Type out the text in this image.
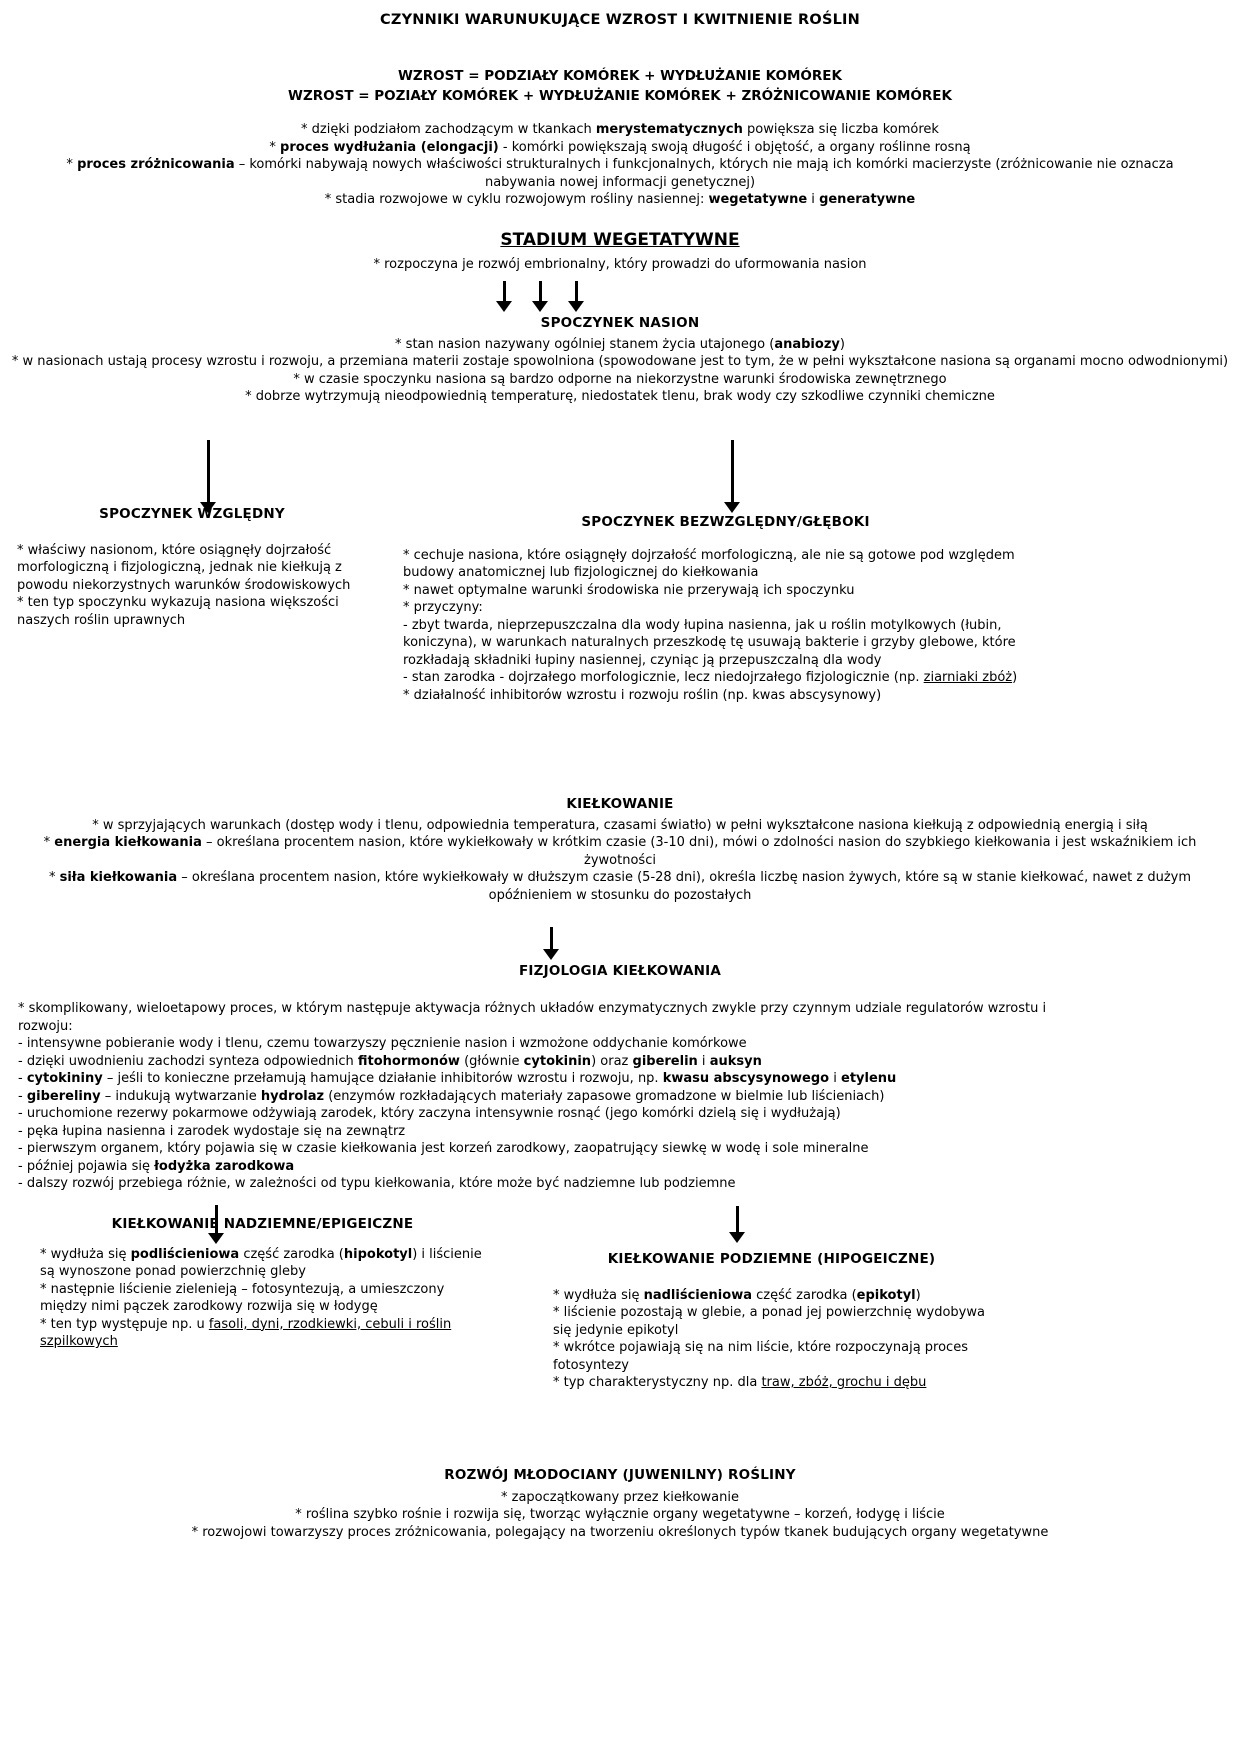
CZYNNIKI WARUNUKUJĄCE WZROST I KWITNIENIE ROŚLIN
WZROST = PODZIAŁY KOMÓREK + WYDŁUŻANIE KOMÓREK
WZROST = POZIAŁY KOMÓREK + WYDŁUŻANIE KOMÓREK + ZRÓŻNICOWANIE KOMÓREK
* dzięki podziałom zachodzącym w tkankach merystematycznych powiększa się liczba komórek
* proces wydłużania (elongacji) - komórki powiększają swoją długość i objętość, a organy roślinne rosną
* proces zróżnicowania – komórki nabywają nowych właściwości strukturalnych i funkcjonalnych, których nie mają ich komórki macierzyste (zróżnicowanie nie oznacza nabywania nowej informacji genetycznej)
* stadia rozwojowe w cyklu rozwojowym rośliny nasiennej: wegetatywne i generatywne
STADIUM WEGETATYWNE
* rozpoczyna je rozwój embrionalny, który prowadzi do uformowania nasion
SPOCZYNEK NASION
* stan nasion nazywany ogólniej stanem życia utajonego (anabiozy)
* w nasionach ustają procesy wzrostu i rozwoju, a przemiana materii zostaje spowolniona (spowodowane jest to tym, że w pełni wykształcone nasiona są organami mocno odwodnionymi)
* w czasie spoczynku nasiona są bardzo odporne na niekorzystne warunki środowiska zewnętrznego
* dobrze wytrzymują nieodpowiednią temperaturę, niedostatek tlenu, brak wody czy szkodliwe czynniki chemiczne
SPOCZYNEK WZGLĘDNY
* właściwy nasionom, które osiągnęły dojrzałość morfologiczną i fizjologiczną, jednak nie kiełkują z powodu niekorzystnych warunków środowiskowych
* ten typ spoczynku wykazują nasiona większości naszych roślin uprawnych
SPOCZYNEK BEZWZGLĘDNY/GŁĘBOKI
* cechuje nasiona, które osiągnęły dojrzałość morfologiczną, ale nie są gotowe pod względem budowy anatomicznej lub fizjologicznej do kiełkowania
* nawet optymalne warunki środowiska nie przerywają ich spoczynku
* przyczyny:
- zbyt twarda, nieprzepuszczalna dla wody łupina nasienna, jak u roślin motylkowych (łubin, koniczyna), w warunkach naturalnych przeszkodę tę usuwają bakterie i grzyby glebowe, które rozkładają składniki łupiny nasiennej, czyniąc ją przepuszczalną dla wody
- stan zarodka - dojrzałego morfologicznie, lecz niedojrzałego fizjologicznie (np. ziarniaki zbóż)
* działalność inhibitorów wzrostu i rozwoju roślin (np. kwas abscysynowy)
KIEŁKOWANIE
* w sprzyjających warunkach (dostęp wody i tlenu, odpowiednia temperatura, czasami światło) w pełni wykształcone nasiona kiełkują z odpowiednią energią i siłą
* energia kiełkowania – określana procentem nasion, które wykiełkowały w krótkim czasie (3-10 dni), mówi o zdolności nasion do szybkiego kiełkowania i jest wskaźnikiem ich żywotności
* siła kiełkowania – określana procentem nasion, które wykiełkowały w dłuższym czasie (5-28 dni), określa liczbę nasion żywych, które są w stanie kiełkować, nawet z dużym opóźnieniem w stosunku do pozostałych
FIZJOLOGIA KIEŁKOWANIA
* skomplikowany, wieloetapowy proces, w którym następuje aktywacja różnych układów enzymatycznych zwykle przy czynnym udziale regulatorów wzrostu i rozwoju:
- intensywne pobieranie wody i tlenu, czemu towarzyszy pęcznienie nasion i wzmożone oddychanie komórkowe
- dzięki uwodnieniu zachodzi synteza odpowiednich fitohormonów (głównie cytokinin) oraz giberelin i auksyn
- cytokininy – jeśli to konieczne przełamują hamujące działanie inhibitorów wzrostu i rozwoju, np. kwasu abscysynowego i etylenu
- gibereliny – indukują wytwarzanie hydrolaz (enzymów rozkładających materiały zapasowe gromadzone w bielmie lub liścieniach)
- uruchomione rezerwy pokarmowe odżywiają zarodek, który zaczyna intensywnie rosnąć (jego komórki dzielą się i wydłużają)
- pęka łupina nasienna i zarodek wydostaje się na zewnątrz
- pierwszym organem, który pojawia się w czasie kiełkowania jest korzeń zarodkowy, zaopatrujący siewkę w wodę i sole mineralne
- później pojawia się łodyżka zarodkowa
- dalszy rozwój przebiega różnie, w zależności od typu kiełkowania, które może być nadziemne lub podziemne
KIEŁKOWANIE NADZIEMNE/EPIGEICZNE
* wydłuża się podliścieniowa część zarodka (hipokotyl) i liścienie są wynoszone ponad powierzchnię gleby
* następnie liścienie zielenieją – fotosyntezują, a umieszczony między nimi pączek zarodkowy rozwija się w łodygę
* ten typ występuje np. u fasoli, dyni, rzodkiewki, cebuli i roślin szpilkowych
KIEŁKOWANIE PODZIEMNE (HIPOGEICZNE)
* wydłuża się nadliścieniowa część zarodka (epikotyl)
* liścienie pozostają w glebie, a ponad jej powierzchnię wydobywa się jedynie epikotyl
* wkrótce pojawiają się na nim liście, które rozpoczynają proces fotosyntezy
* typ charakterystyczny np. dla traw, zbóż, grochu i dębu
ROZWÓJ MŁODOCIANY (JUWENILNY) ROŚLINY
* zapoczątkowany przez kiełkowanie
* roślina szybko rośnie i rozwija się, tworząc wyłącznie organy wegetatywne – korzeń, łodygę i liście
* rozwojowi towarzyszy proces zróżnicowania, polegający na tworzeniu określonych typów tkanek budujących organy wegetatywne
